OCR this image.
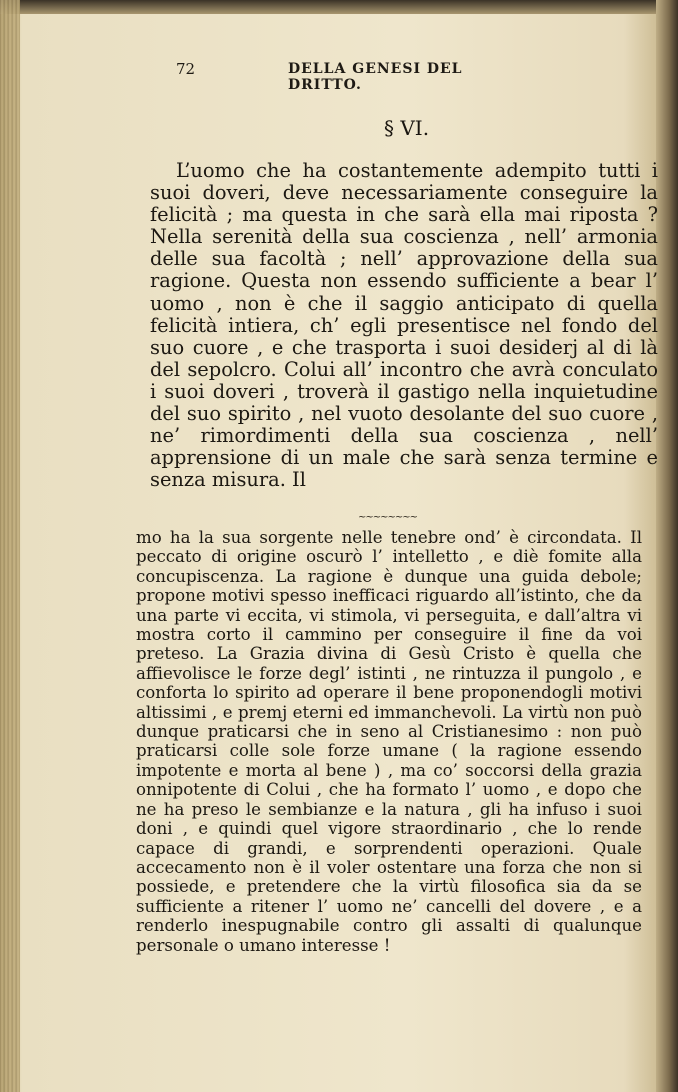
72	DELLA GENESI DEL DRITTO.
§ VI.

L’uomo che ha costantemente adempito tutti i suoi doveri, deve necessariamente conseguire la felicità ; ma questa in che sarà ella mai riposta ? Nella serenità della sua coscienza , nell’ armonia delle sua facoltà ; nell’ approvazione della sua ragione. Questa non essendo sufficiente a bear l’ uomo , non è che il saggio anticipato di quella felicità intiera, ch’ egli presentisce nel fondo del suo cuore , e che trasporta i suoi desiderj al di là del sepolcro. Colui all’ incontro che avrà conculato i suoi doveri , troverà il gastigo nella inquietudine del suo spirito , nel vuoto desolante del suo cuore , ne’ rimordimenti della sua coscienza , nell’ apprensione di un male che sarà senza termine e senza misura. Il

~~~~~~~~

mo ha la sua sorgente nelle tenebre ond’ è circondata. Il peccato di origine oscurò l’ intelletto , e diè fomite alla concupiscenza. La ragione è dunque una guida debole; propone motivi spesso inefficaci riguardo all’istinto, che da una parte vi eccita, vi stimola, vi perseguita, e dall’altra vi mostra corto il cammino per conseguire il fine da voi preteso. La Grazia divina di Gesù Cristo è quella che affievolisce le forze degl’ istinti , ne rintuzza il pungolo , e conforta lo spirito ad operare il bene proponendogli motivi altissimi , e premj eterni ed immanchevoli. La virtù non può dunque praticarsi che in seno al Cristianesimo : non può praticarsi colle sole forze umane ( la ragione essendo impotente e morta al bene ) , ma co’ soccorsi della grazia onnipotente di Colui , che ha formato l’ uomo , e dopo che ne ha preso le sembianze e la natura , gli ha infuso i suoi doni , e quindi quel vigore straordinario , che lo rende capace di grandi, e sorprendenti operazioni. Quale accecamento non è il voler ostentare una forza che non si possiede, e pretendere che la virtù filosofica sia da se sufficiente a ritener l’ uomo ne’ cancelli del dovere , e a renderlo inespugnabile contro gli assalti di qualunque personale o umano interesse !
